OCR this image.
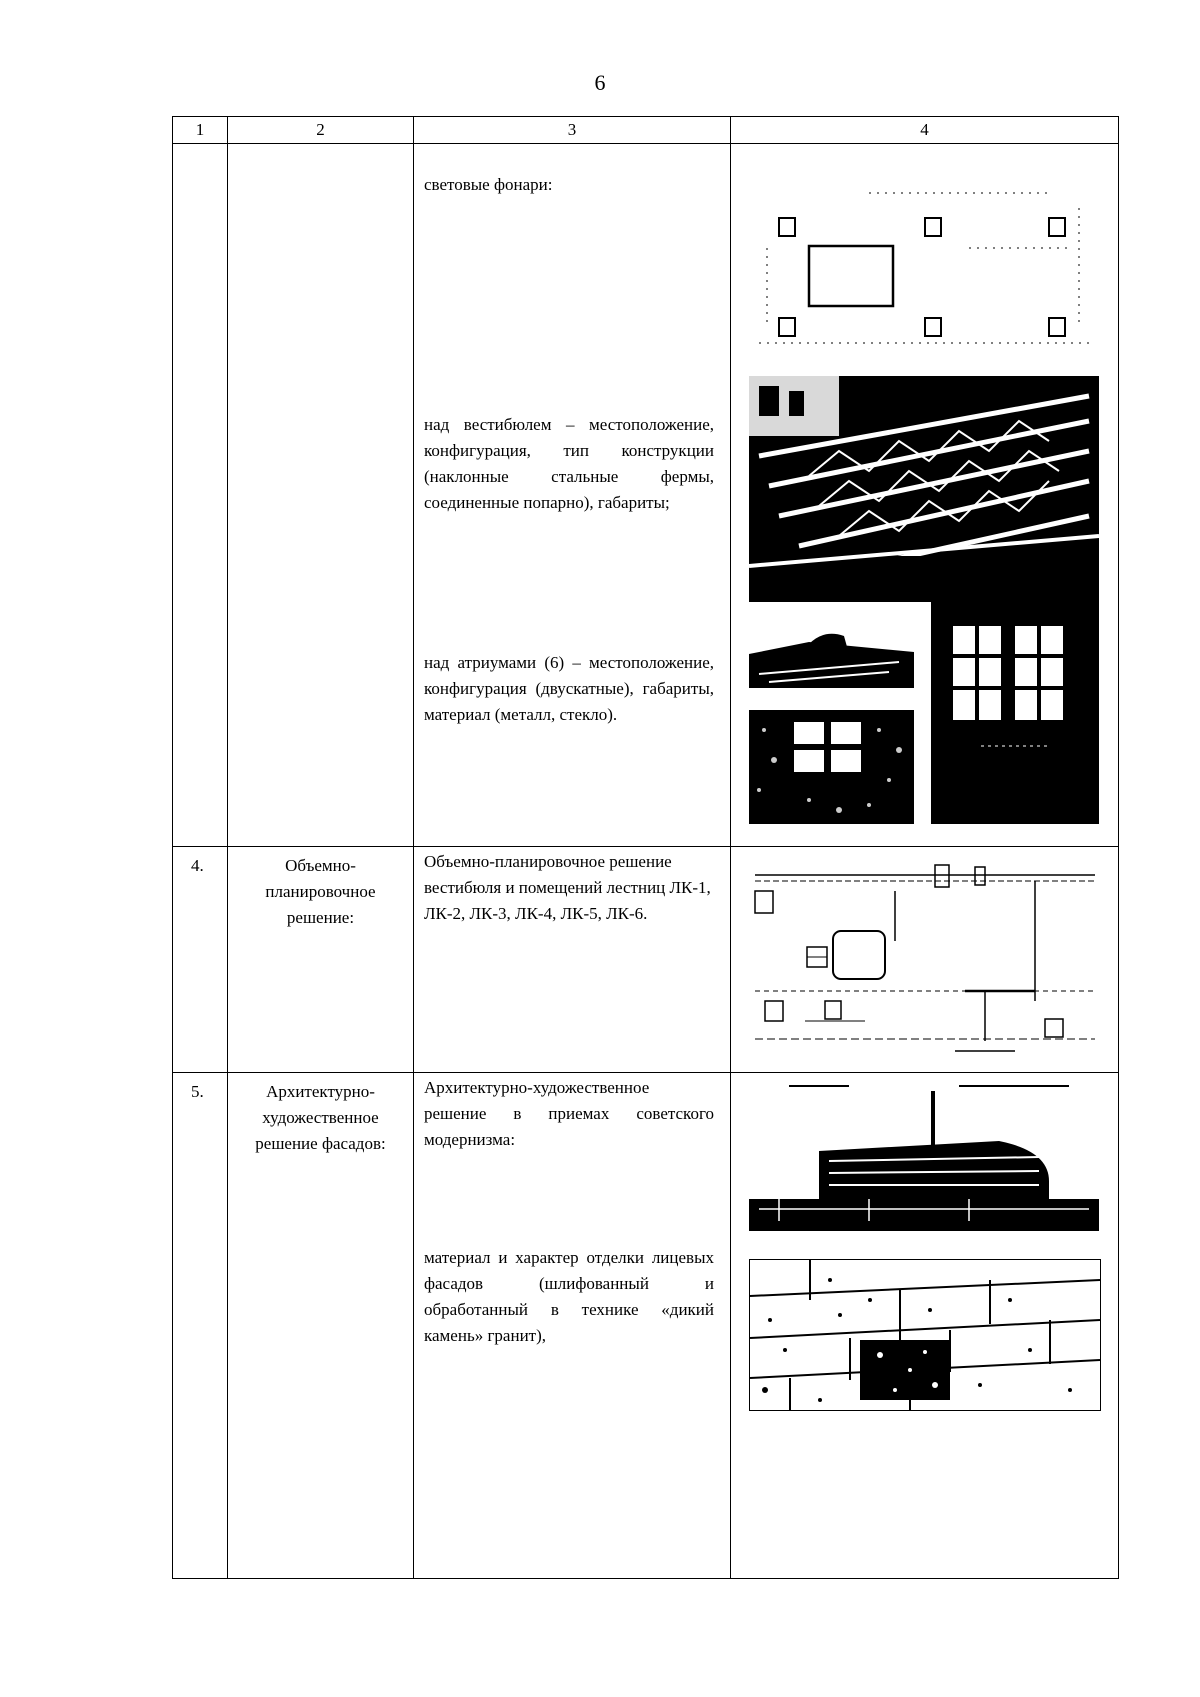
6
1	2	3	4

		световые фонари:
над вестибюлем – местоположение, конфигурация, тип конструкции (наклонные стальные фермы, соединенные попарно), габариты;
над атриумами (6) – местоположение, конфигурация (двускатные), габариты, материал (металл, стекло).

4.	Объемно-планировочное решение:	Объемно-планировочное решение вестибюля и помещений лестниц ЛК-1, ЛК-2, ЛК-3, ЛК-4, ЛК-5, ЛК-6.

5.	Архитектурно-художественное решение фасадов:	Архитектурно-художественное решение в приемах советского модернизма:
материал и характер отделки лицевых фасадов (шлифованный и обработанный в технике «дикий камень» гранит),
